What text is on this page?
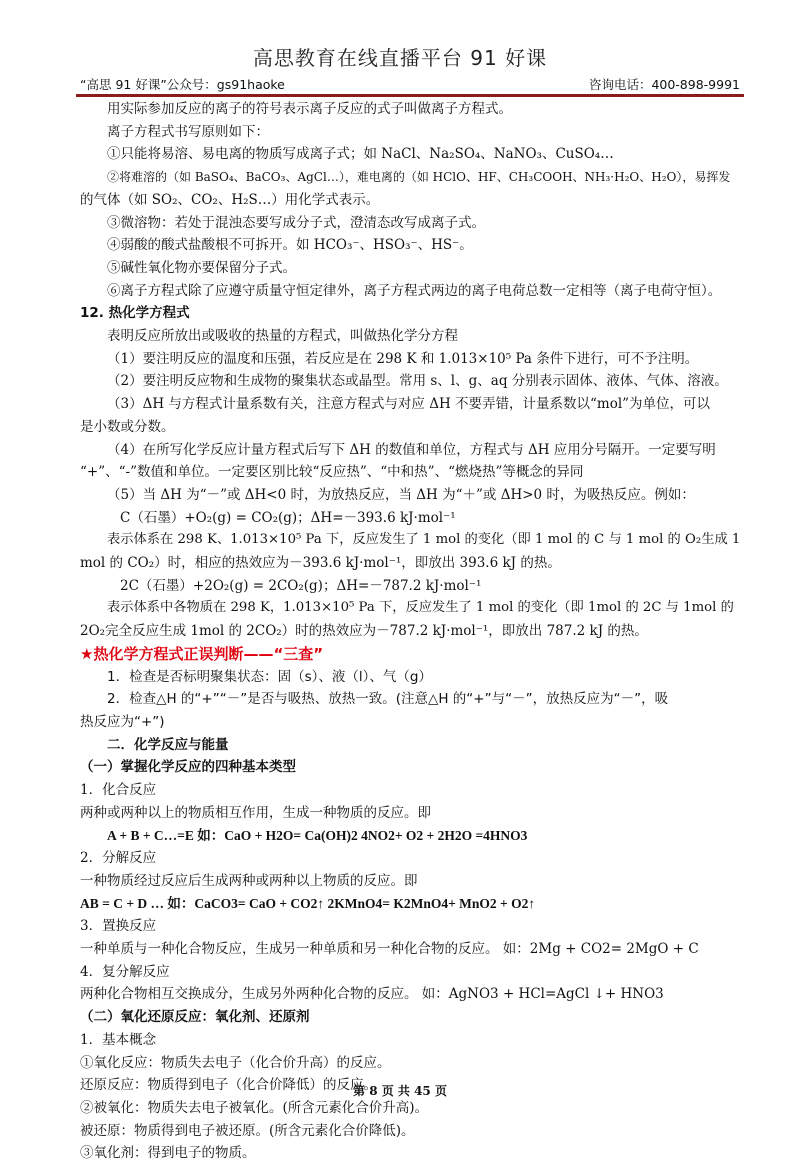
高思教育在线直播平台 91 好课
“高思 91 好课”公众号：gs91haoke	咨询电话：400-898-9991

用实际参加反应的离子的符号表示离子反应的式子叫做离子方程式。

离子方程式书写原则如下：

①只能将易溶、易电离的物质写成离子式；如 NaCl、Na₂SO₄、NaNO₃、CuSO₄…

②将难溶的（如 BaSO₄、BaCO₃、AgCl…），难电离的（如 HClO、HF、CH₃COOH、NH₃·H₂O、H₂O），易挥发

的气体（如 SO₂、CO₂、H₂S…）用化学式表示。

③微溶物：若处于混浊态要写成分子式，澄清态改写成离子式。

④弱酸的酸式盐酸根不可拆开。如 HCO₃⁻、HSO₃⁻、HS⁻。

⑤碱性氧化物亦要保留分子式。

⑥离子方程式除了应遵守质量守恒定律外，离子方程式两边的离子电荷总数一定相等（离子电荷守恒）。

12. 热化学方程式

表明反应所放出或吸收的热量的方程式，叫做热化学分方程

（1）要注明反应的温度和压强，若反应是在 298 K 和 1.013×10⁵ Pa 条件下进行，可不予注明。

（2）要注明反应物和生成物的聚集状态或晶型。常用 s、l、g、aq 分别表示固体、液体、气体、溶液。

（3）ΔH 与方程式计量系数有关，注意方程式与对应 ΔH 不要弄错，计量系数以“mol”为单位，可以

是小数或分数。

（4）在所写化学反应计量方程式后写下 ΔH 的数值和单位，方程式与 ΔH 应用分号隔开。一定要写明

“+”、“-”数值和单位。一定要区别比较“反应热”、“中和热”、“燃烧热”等概念的异同

（5）当 ΔH 为“－”或 ΔH<0 时，为放热反应，当 ΔH 为“＋”或 ΔH>0 时，为吸热反应。例如：

C（石墨）+O₂(g) = CO₂(g)；ΔH=－393.6 kJ·mol⁻¹

表示体系在 298 K、1.013×10⁵ Pa 下，反应发生了 1 mol 的变化（即 1 mol 的 C 与 1 mol 的 O₂生成 1

mol 的 CO₂）时，相应的热效应为－393.6 kJ·mol⁻¹，即放出 393.6 kJ 的热。

2C（石墨）+2O₂(g) = 2CO₂(g)；ΔH=－787.2 kJ·mol⁻¹

表示体系中各物质在 298 K，1.013×10⁵ Pa 下，反应发生了 1 mol 的变化（即 1mol 的 2C 与 1mol 的

2O₂完全反应生成 1mol 的 2CO₂）时的热效应为－787.2 kJ·mol⁻¹，即放出 787.2 kJ 的热。

★热化学方程式正误判断——“三查”

1．检查是否标明聚集状态：固（s）、液（l）、气（g）

2．检查△H 的“+”“－”是否与吸热、放热一致。(注意△H 的“+”与“－”，放热反应为“－”，吸

热反应为“+”)

二．化学反应与能量

（一）掌握化学反应的四种基本类型

1．化合反应

两种或两种以上的物质相互作用，生成一种物质的反应。即

A + B + C…=E 如：CaO + H2O= Ca(OH)2 4NO2+ O2 + 2H2O =4HNO3

2．分解反应

一种物质经过反应后生成两种或两种以上物质的反应。即

AB = C + D … 如：CaCO3= CaO + CO2↑ 2KMnO4= K2MnO4+ MnO2 + O2↑

3．置换反应

一种单质与一种化合物反应，生成另一种单质和另一种化合物的反应。 如：2Mg + CO2= 2MgO + C

4．复分解反应

两种化合物相互交换成分，生成另外两种化合物的反应。 如：AgNO3 + HCl=AgCl ↓+ HNO3

（二）氧化还原反应：氧化剂、还原剂

1．基本概念

①氧化反应：物质失去电子（化合价升高）的反应。

还原反应：物质得到电子（化合价降低）的反应。

②被氧化：物质失去电子被氧化。(所含元素化合价升高)。

被还原：物质得到电子被还原。(所含元素化合价降低)。

③氧化剂：得到电子的物质。

第 8 页 共 45 页
